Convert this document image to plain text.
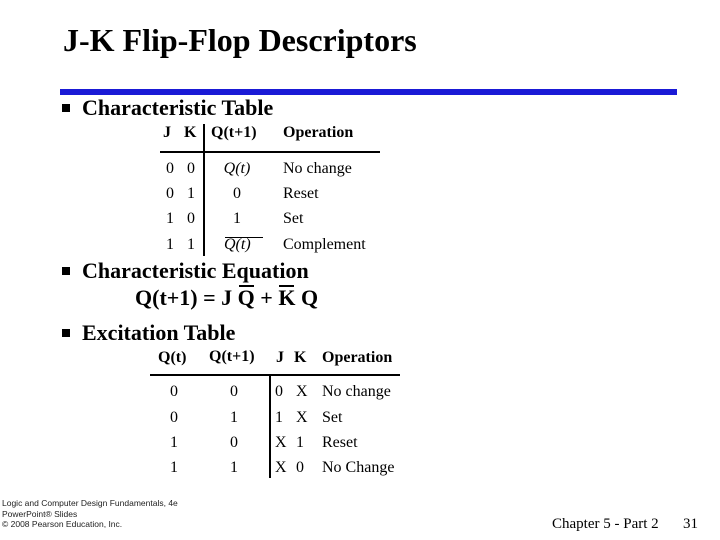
J-K Flip-Flop Descriptors
Characteristic Table
J K Q(t+1) Operation
0 0	Q(t)	No change
0 1	0	Reset
1 0	1	Set
1 1 Q(t)	Complement
Characteristic Equation
Q(t+1) = J Q + K Q
Excitation Table
Q(t) Q(t+1) J K Operation
0	0 0 X No change
0	1 1 X Set
1	0 X 1 Reset
1	1 X 0 No Change
Logic and Computer Design Fundamentals, 4e
PowerPoint® Slides
© 2008 Pearson Education, Inc.	Chapter 5 - Part 2 31
